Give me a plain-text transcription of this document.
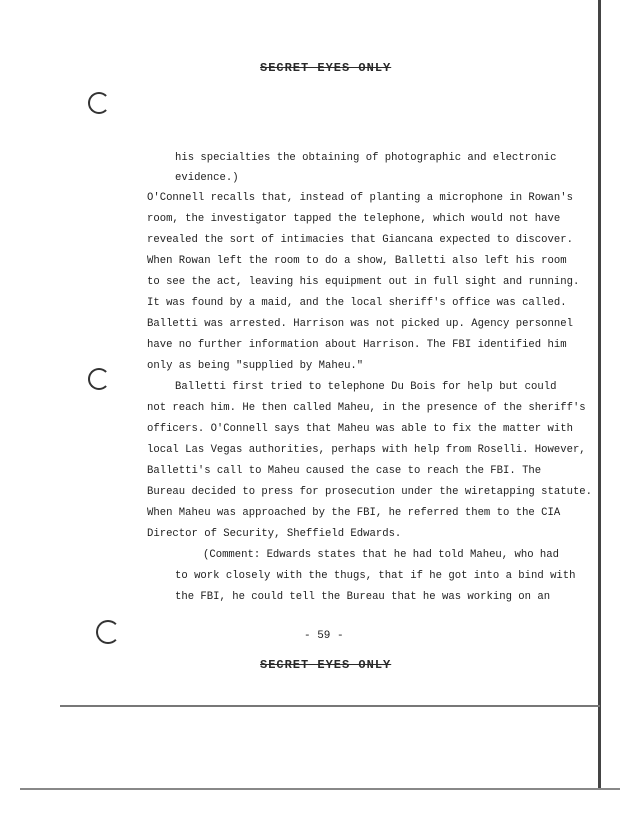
SECRET EYES ONLY
his specialties the obtaining of photographic and electronic
evidence.)
O'Connell recalls that, instead of planting a microphone in Rowan's
room, the investigator tapped the telephone, which would not have
revealed the sort of intimacies that Giancana expected to discover.
When Rowan left the room to do a show, Balletti also left his room
to see the act, leaving his equipment out in full sight and running.
It was found by a maid, and the local sheriff's office was called.
Balletti was arrested. Harrison was not picked up. Agency personnel
have no further information about Harrison. The FBI identified him
only as being "supplied by Maheu."
Balletti first tried to telephone Du Bois for help but could
not reach him. He then called Maheu, in the presence of the sheriff's
officers. O'Connell says that Maheu was able to fix the matter with
local Las Vegas authorities, perhaps with help from Roselli. However,
Balletti's call to Maheu caused the case to reach the FBI. The
Bureau decided to press for prosecution under the wiretapping statute.
When Maheu was approached by the FBI, he referred them to the CIA
Director of Security, Sheffield Edwards.
(Comment: Edwards states that he had told Maheu, who had
to work closely with the thugs, that if he got into a bind with
the FBI, he could tell the Bureau that he was working on an
- 59 -
SECRET EYES ONLY
